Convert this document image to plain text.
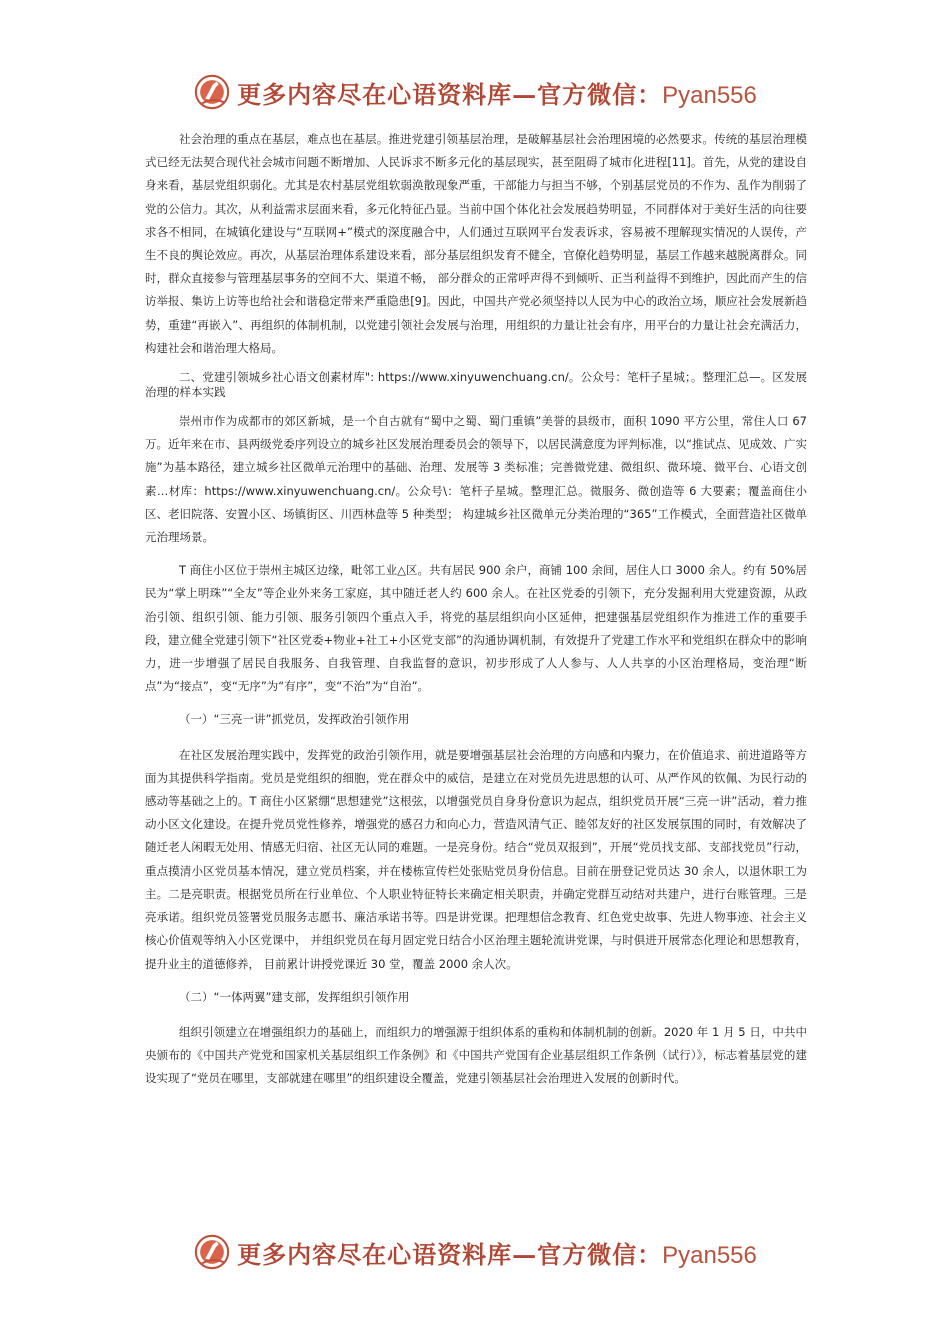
更多内容尽在心语资料库—官方微信：Pyan556

社会治理的重点在基层，难点也在基层。推进党建引领基层治理，是破解基层社会治理困境的必然要求。传统的基层治理模式已经无法契合现代社会城市问题不断增加、人民诉求不断多元化的基层现实，甚至阻碍了城市化进程[11]。首先，从党的建设自身来看，基层党组织弱化。尤其是农村基层党组软弱涣散现象严重，干部能力与担当不够，个别基层党员的不作为、乱作为削弱了党的公信力。其次，从利益需求层面来看，多元化特征凸显。当前中国个体化社会发展趋势明显，不同群体对于美好生活的向往要求各不相同，在城镇化建设与“互联网+”模式的深度融合中，人们通过互联网平台发表诉求，容易被不理解现实情况的人误传，产生不良的舆论效应。再次，从基层治理体系建设来看，部分基层组织发育不健全，官僚化趋势明显，基层工作越来越脱离群众。同时，群众直接参与管理基层事务的空间不大、渠道不畅， 部分群众的正常呼声得不到倾听、正当利益得不到维护，因此而产生的信访举报、集访上访等也给社会和谐稳定带来严重隐患[9]。因此，中国共产党必须坚持以人民为中心的政治立场，顺应社会发展新趋势，重建“再嵌入”、再组织的体制机制，以党建引领社会发展与治理，用组织的力量让社会有序，用平台的力量让社会充满活力，构建社会和谐治理大格局。

二、党建引领城乡社心语文创素材库": https://www.xinyuwenchuang.cn/。公众号：笔杆子星城；。整理汇总—。区发展治理的样本实践

崇州市作为成都市的郊区新城，是一个自古就有“蜀中之蜀、蜀门重镇”美誉的县级市，面积 1090 平方公里，常住人口 67 万。近年来在市、县两级党委序列设立的城乡社区发展治理委员会的领导下，以居民满意度为评判标准，以“推试点、见成效、广实施”为基本路径，建立城乡社区微单元治理中的基础、治理、发展等 3 类标准；完善微党建、微组织、微环境、微平台、心语文创素…材库：https://www.xinyuwenchuang.cn/。公众号\：笔杆子星城。整理汇总。微服务、微创造等 6 大要素；覆盖商住小区、老旧院落、安置小区、场镇街区、川西林盘等 5 种类型； 构建城乡社区微单元分类治理的“365”工作模式，全面营造社区微单元治理场景。

T 商住小区位于崇州主城区边缘，毗邻工业△区。共有居民 900 余户，商铺 100 余间，居住人口 3000 余人。约有 50%居民为“掌上明珠”“全友”等企业外来务工家庭，其中随迁老人约 600 余人。在社区党委的引领下，充分发掘利用大党建资源，从政治引领、组织引领、能力引领、服务引领四个重点入手，将党的基层组织向小区延伸，把建强基层党组织作为推进工作的重要手段，建立健全党建引领下“社区党委+物业+社工+小区党支部”的沟通协调机制，有效提升了党建工作水平和党组织在群众中的影响力，进一步增强了居民自我服务、自我管理、自我监督的意识，初步形成了人人参与、人人共享的小区治理格局，变治理“断点”为“接点”，变“无序”为“有序”，变“不治”为“自治”。

（一）“三亮一讲”抓党员，发挥政治引领作用

在社区发展治理实践中，发挥党的政治引领作用，就是要增强基层社会治理的方向感和内聚力，在价值追求、前进道路等方面为其提供科学指南。党员是党组织的细胞，党在群众中的威信，是建立在对党员先进思想的认可、从严作风的钦佩、为民行动的感动等基础之上的。T 商住小区紧绷“思想建党”这根弦，以增强党员自身身份意识为起点，组织党员开展“三亮一讲”活动，着力推动小区文化建设。在提升党员党性修养，增强党的感召力和向心力，营造风清气正、睦邻友好的社区发展氛围的同时，有效解决了随迁老人闲暇无处用、情感无归宿、社区无认同的难题。一是亮身份。结合“党员双报到”，开展“党员找支部、支部找党员”行动，重点摸清小区党员基本情况，建立党员档案，并在楼栋宣传栏处张贴党员身份信息。目前在册登记党员达 30 余人，以退休职工为主。二是亮职责。根据党员所在行业单位、个人职业特征特长来确定相关职责，并确定党群互动结对共建户，进行台账管理。三是亮承诺。组织党员签署党员服务志愿书、廉洁承诺书等。四是讲党课。把理想信念教育、红色党史故事、先进人物事迹、社会主义核心价值观等纳入小区党课中， 并组织党员在每月固定党日结合小区治理主题轮流讲党课，与时俱进开展常态化理论和思想教育，提升业主的道德修养， 目前累计讲授党课近 30 堂，覆盖 2000 余人次。

（二）“一体两翼”建支部，发挥组织引领作用

组织引领建立在增强组织力的基础上，而组织力的增强源于组织体系的重构和体制机制的创新。2020 年 1 月 5 日，中共中央颁布的《中国共产党党和国家机关基层组织工作条例》和《中国共产党国有企业基层组织工作条例（试行）》，标志着基层党的建设实现了“党员在哪里，支部就建在哪里”的组织建设全覆盖，党建引领基层社会治理进入发展的创新时代。

更多内容尽在心语资料库—官方微信：Pyan556
